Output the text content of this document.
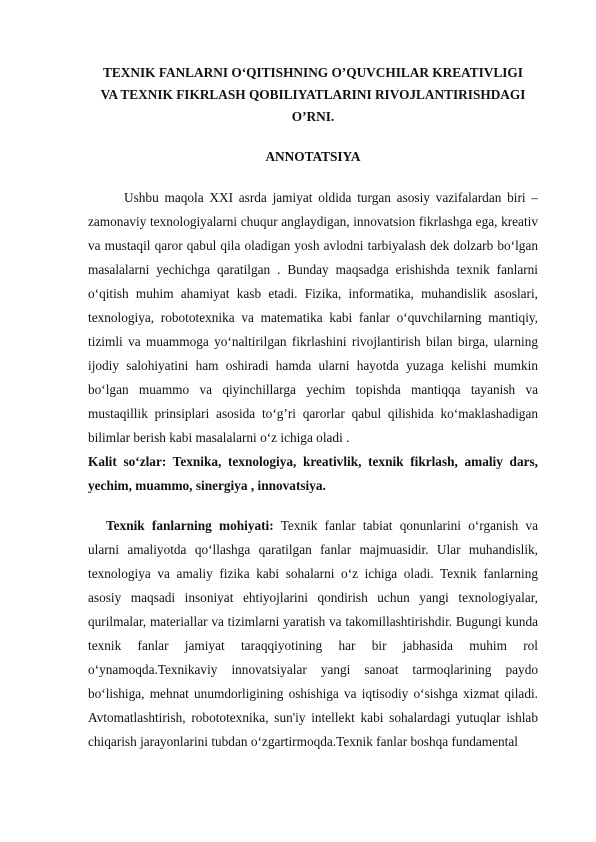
TEXNIK FANLARNI O‘QITISHNING O’QUVCHILAR KREATIVLIGI
VA TEXNIK FIKRLASH QOBILIYATLARINI RIVOJLANTIRISHDAGI
O’RNI.
ANNOTATSIYA

Ushbu maqola XXI asrda jamiyat oldida turgan asosiy vazifalardan biri – zamonaviy texnologiyalarni chuqur anglaydigan, innovatsion fikrlashga ega, kreativ va mustaqil qaror qabul qila oladigan yosh avlodni tarbiyalash dek dolzarb bo‘lgan masalalarni yechichga qaratilgan . Bunday maqsadga erishishda texnik fanlarni o‘qitish muhim ahamiyat kasb etadi. Fizika, informatika, muhandislik asoslari, texnologiya, robototexnika va matematika kabi fanlar o‘quvchilarning mantiqiy, tizimli va muammoga yo‘naltirilgan fikrlashini rivojlantirish bilan birga, ularning ijodiy salohiyatini ham oshiradi hamda ularni hayotda yuzaga kelishi mumkin bo‘lgan muammo va qiyinchillarga yechim topishda mantiqqa tayanish va mustaqillik prinsiplari asosida to‘g’ri qarorlar qabul qilishida ko‘maklashadigan bilimlar berish kabi masalalarni o‘z ichiga oladi .

Kalit so‘zlar: Texnika, texnologiya, kreativlik, texnik fikrlash, amaliy dars, yechim, muammo, sinergiya , innovatsiya.

Texnik fanlarning mohiyati: Texnik fanlar tabiat qonunlarini o‘rganish va ularni amaliyotda qo‘llashga qaratilgan fanlar majmuasidir. Ular muhandislik, texnologiya va amaliy fizika kabi sohalarni o‘z ichiga oladi. Texnik fanlarning asosiy maqsadi insoniyat ehtiyojlarini qondirish uchun yangi texnologiyalar, qurilmalar, materiallar va tizimlarni yaratish va takomillashtirishdir. Bugungi kunda texnik fanlar jamiyat taraqqiyotining har bir jabhasida muhim rol o‘ynamoqda.Texnikaviy innovatsiyalar yangi sanoat tarmoqlarining paydo bo‘lishiga, mehnat unumdorligining oshishiga va iqtisodiy o‘sishga xizmat qiladi. Avtomatlashtirish, robototexnika, sun'iy intellekt kabi sohalardagi yutuqlar ishlab chiqarish jarayonlarini tubdan o‘zgartirmoqda.Texnik fanlar boshqa fundamental
